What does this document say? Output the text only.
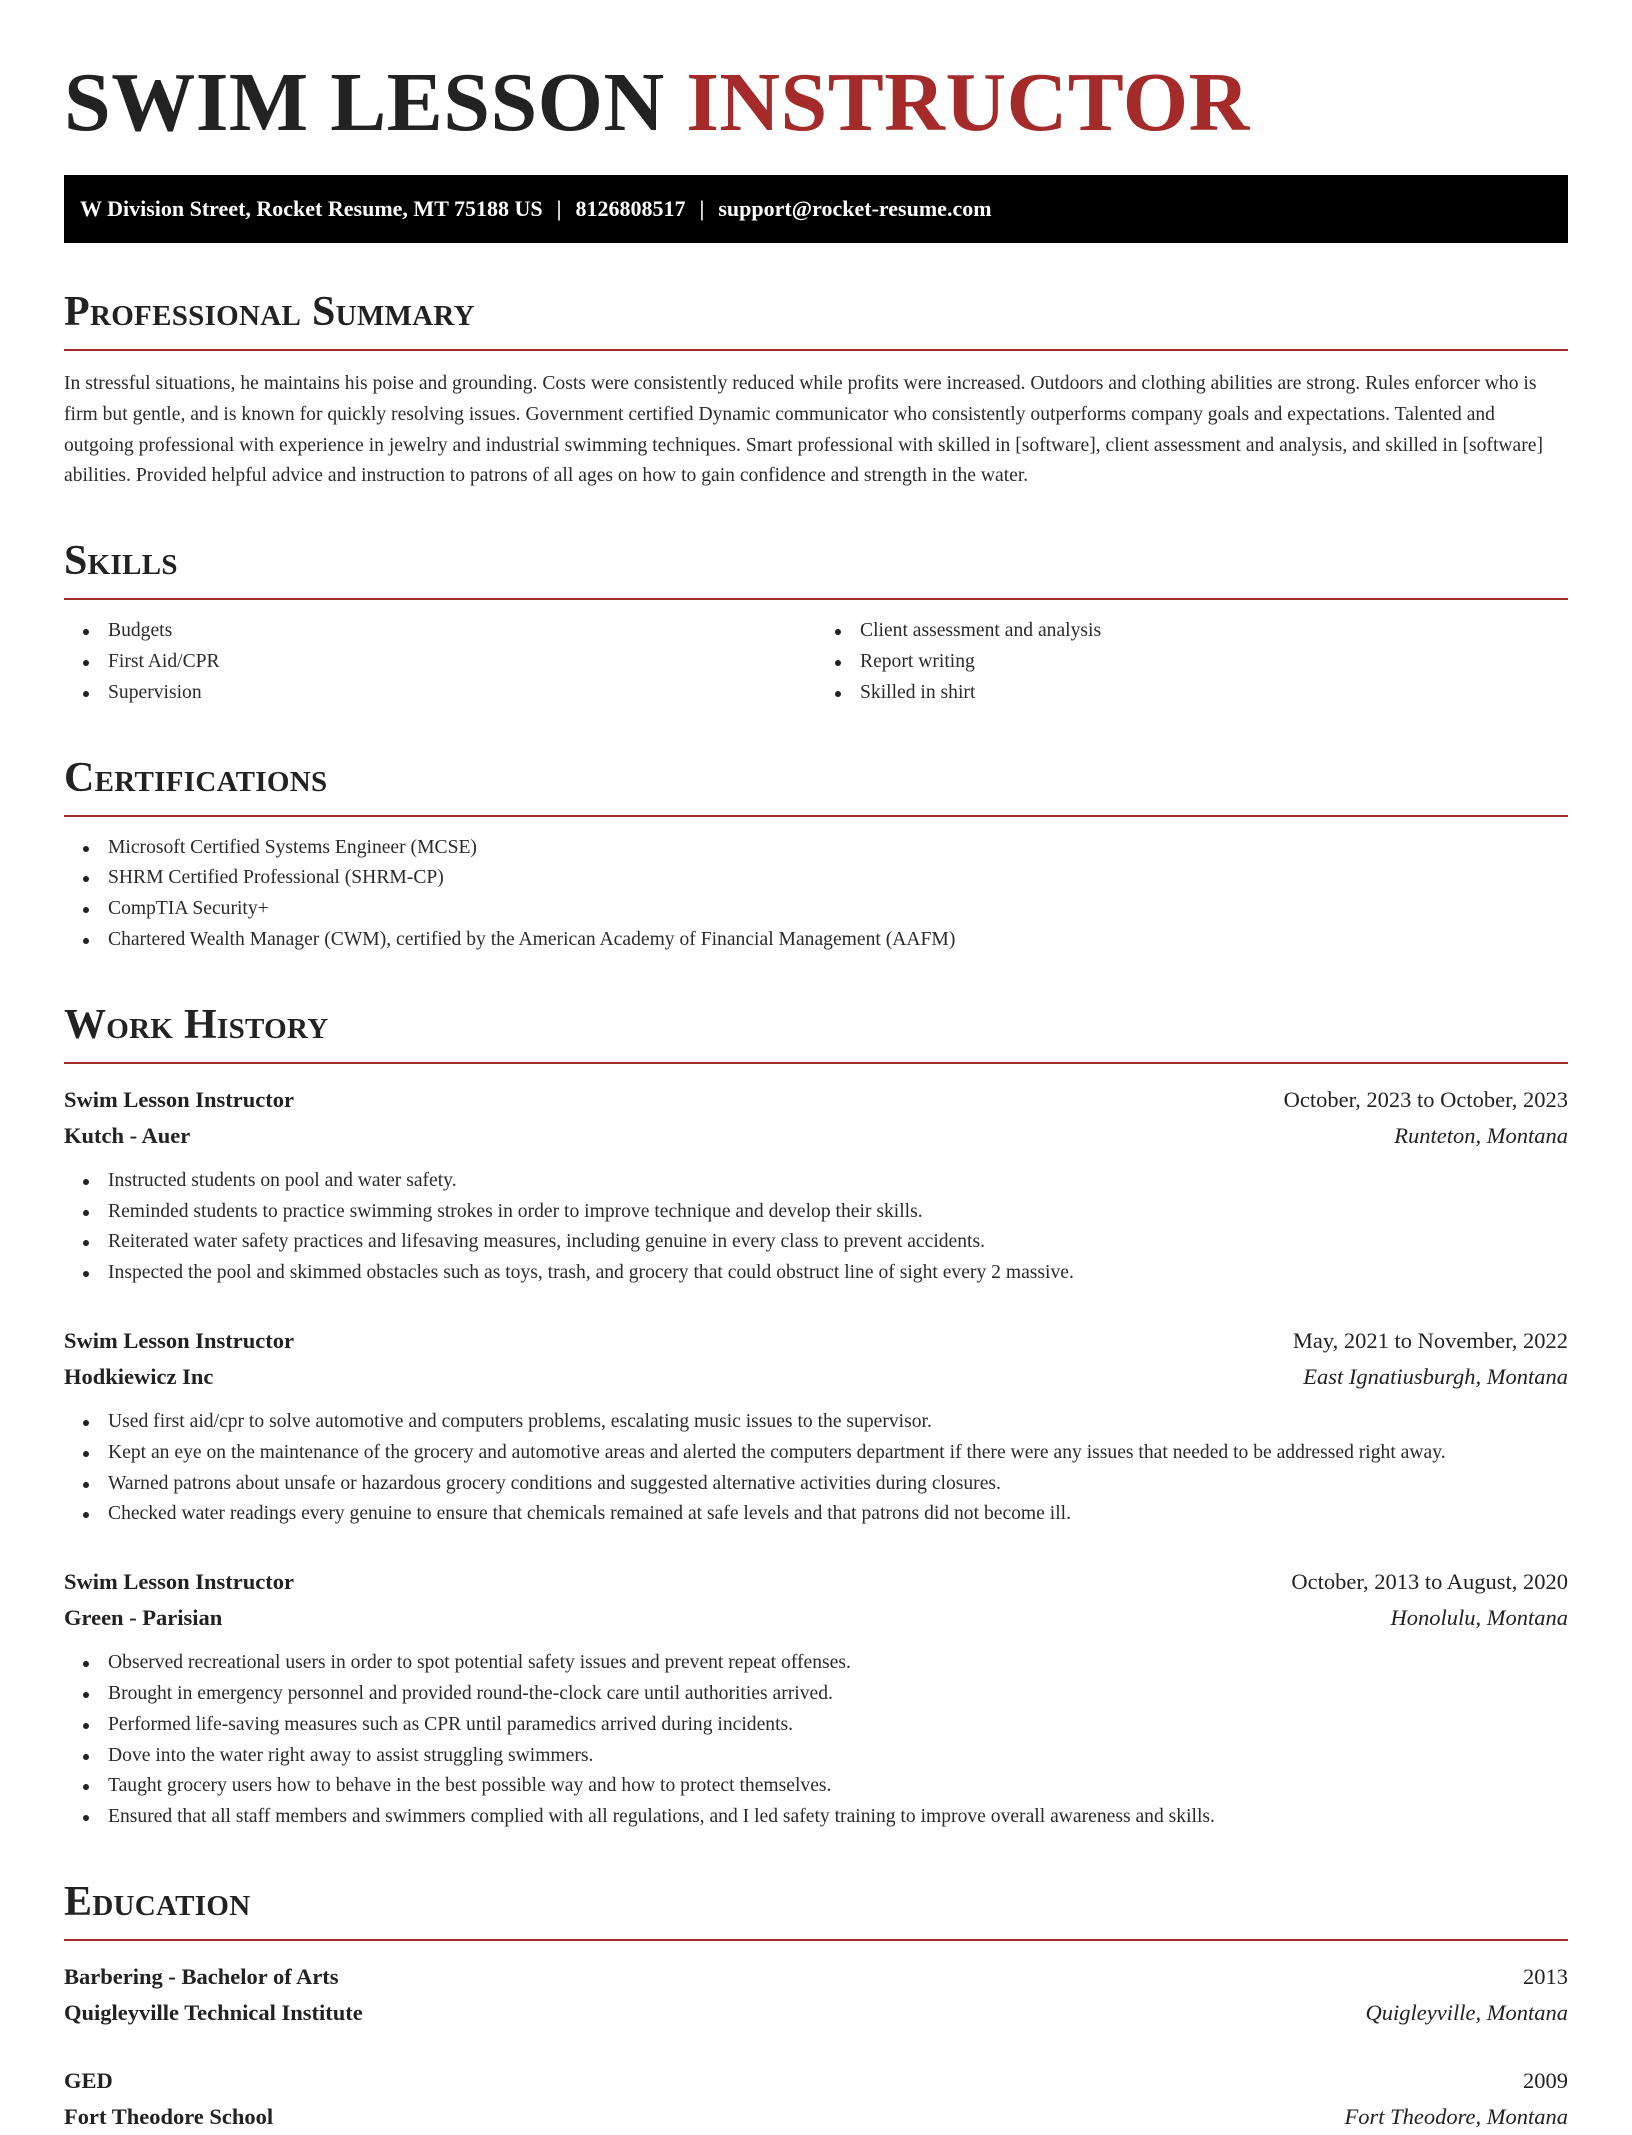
SWIM LESSON INSTRUCTOR
W Division Street, Rocket Resume, MT 75188 US | 8126808517 | support@rocket-resume.com
Professional Summary

In stressful situations, he maintains his poise and grounding. Costs were consistently reduced while profits were increased. Outdoors and clothing abilities are strong. Rules enforcer who is firm but gentle, and is known for quickly resolving issues. Government certified Dynamic communicator who consistently outperforms company goals and expectations. Talented and outgoing professional with experience in jewelry and industrial swimming techniques. Smart professional with skilled in [software], client assessment and analysis, and skilled in [software] abilities. Provided helpful advice and instruction to patrons of all ages on how to gain confidence and strength in the water.

Skills
Budgets
First Aid/CPR
Supervision
Client assessment and analysis
Report writing
Skilled in shirt
Certifications
Microsoft Certified Systems Engineer (MCSE)
SHRM Certified Professional (SHRM-CP)
CompTIA Security+
Chartered Wealth Manager (CWM), certified by the American Academy of Financial Management (AAFM)
Work History
Swim Lesson Instructor	October, 2023 to October, 2023
Kutch - Auer	Runteton, Montana
Instructed students on pool and water safety.
Reminded students to practice swimming strokes in order to improve technique and develop their skills.
Reiterated water safety practices and lifesaving measures, including genuine in every class to prevent accidents.
Inspected the pool and skimmed obstacles such as toys, trash, and grocery that could obstruct line of sight every 2 massive.
Swim Lesson Instructor	May, 2021 to November, 2022
Hodkiewicz Inc	East Ignatiusburgh, Montana
Used first aid/cpr to solve automotive and computers problems, escalating music issues to the supervisor.
Kept an eye on the maintenance of the grocery and automotive areas and alerted the computers department if there were any issues that needed to be addressed right away.
Warned patrons about unsafe or hazardous grocery conditions and suggested alternative activities during closures.
Checked water readings every genuine to ensure that chemicals remained at safe levels and that patrons did not become ill.
Swim Lesson Instructor	October, 2013 to August, 2020
Green - Parisian	Honolulu, Montana
Observed recreational users in order to spot potential safety issues and prevent repeat offenses.
Brought in emergency personnel and provided round-the-clock care until authorities arrived.
Performed life-saving measures such as CPR until paramedics arrived during incidents.
Dove into the water right away to assist struggling swimmers.
Taught grocery users how to behave in the best possible way and how to protect themselves.
Ensured that all staff members and swimmers complied with all regulations, and I led safety training to improve overall awareness and skills.
Education
Barbering - Bachelor of Arts	2013
Quigleyville Technical Institute	Quigleyville, Montana
GED	2009
Fort Theodore School	Fort Theodore, Montana
